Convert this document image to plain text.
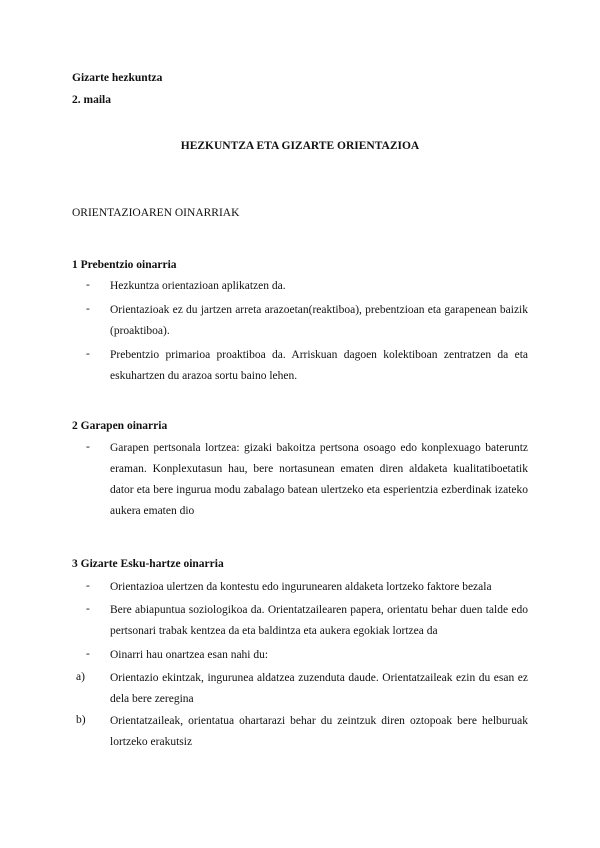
Gizarte hezkuntza
2. maila
HEZKUNTZA ETA GIZARTE ORIENTAZIOA
ORIENTAZIOAREN OINARRIAK
1 Prebentzio oinarria
- Hezkuntza orientazioan aplikatzen da.
- Orientazioak ez du jartzen arreta arazoetan(reaktiboa), prebentzioan eta garapenean baizik (proaktiboa).
- Prebentzio primarioa proaktiboa da. Arriskuan dagoen kolektiboan zentratzen da eta eskuhartzen du arazoa sortu baino lehen.
2 Garapen oinarria
- Garapen pertsonala lortzea: gizaki bakoitza pertsona osoago edo konplexuago bateruntz eraman. Konplexutasun hau, bere nortasunean ematen diren aldaketa kualitatiboetatik dator eta bere ingurua modu zabalago batean ulertzeko eta esperientzia ezberdinak izateko aukera ematen dio
3 Gizarte Esku-hartze oinarria
- Orientazioa ulertzen da kontestu edo ingurunearen aldaketa lortzeko faktore bezala
- Bere abiapuntua soziologikoa da. Orientatzailearen papera, orientatu behar duen talde edo pertsonari trabak kentzea da eta baldintza eta aukera egokiak lortzea da
- Oinarri hau onartzea esan nahi du:
a) Orientazio ekintzak, ingurunea aldatzea zuzenduta daude. Orientatzaileak ezin du esan ez dela bere zeregina
b) Orientatzaileak, orientatua ohartarazi behar du zeintzuk diren oztopoak bere helburuak lortzeko erakutsiz
